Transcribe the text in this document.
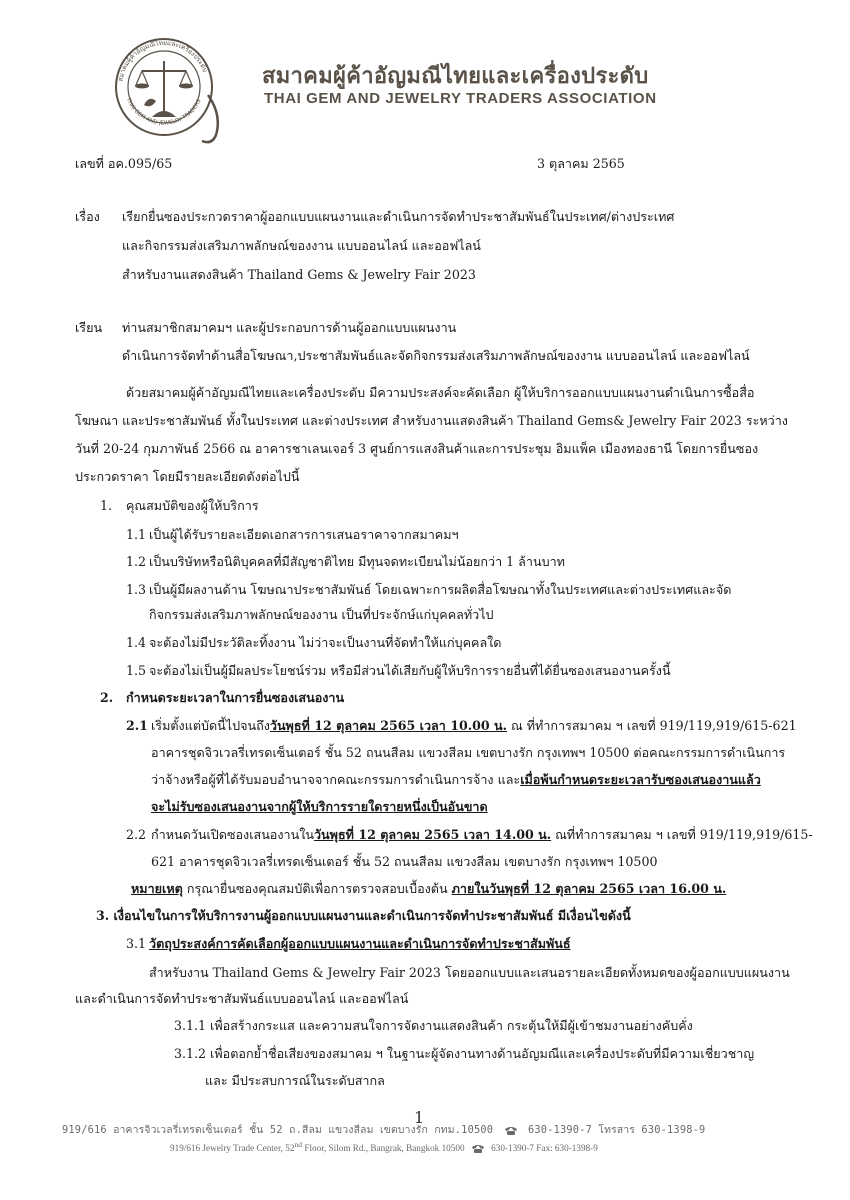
สมาคมผู้ค้าอัญมณีไทยและเครื่องประดับ
THAI GEM AND JEWELRY TRADERS
สมาคมผู้ค้าอัญมณีไทยและเครื่องประดับ
THAI GEM AND JEWELRY TRADERS ASSOCIATION
เลขที่ อค.095/65	3 ตุลาคม 2565
เรื่อง เรียกยื่นซองประกวดราคาผู้ออกแบบแผนงานและดำเนินการจัดทำประชาสัมพันธ์ในประเทศ/ต่างประเทศ
และกิจกรรมส่งเสริมภาพลักษณ์ของงาน แบบออนไลน์ และออฟไลน์
สำหรับงานแสดงสินค้า Thailand Gems & Jewelry Fair 2023
เรียน ท่านสมาชิกสมาคมฯ และผู้ประกอบการด้านผู้ออกแบบแผนงาน
ดำเนินการจัดทำด้านสื่อโฆษณา,ประชาสัมพันธ์และจัดกิจกรรมส่งเสริมภาพลักษณ์ของงาน แบบออนไลน์ และออฟไลน์
ด้วยสมาคมผู้ค้าอัญมณีไทยและเครื่องประดับ มีความประสงค์จะคัดเลือก ผู้ให้บริการออกแบบแผนงานดำเนินการซื้อสื่อ
โฆษณา และประชาสัมพันธ์ ทั้งในประเทศ และต่างประเทศ สำหรับงานแสดงสินค้า Thailand Gems& Jewelry Fair 2023 ระหว่าง
วันที่ 20-24 กุมภาพันธ์ 2566 ณ อาคารชาเลนเจอร์ 3 ศูนย์การแสงสินค้าและการประชุม อิมแพ็ค เมืองทองธานี โดยการยื่นซอง
ประกวดราคา โดยมีรายละเอียดดังต่อไปนี้
1. คุณสมบัติของผู้ให้บริการ
1.1 เป็นผู้ได้รับรายละเอียดเอกสารการเสนอราคาจากสมาคมฯ
1.2 เป็นบริษัทหรือนิติบุคคลที่มีสัญชาติไทย มีทุนจดทะเบียนไม่น้อยกว่า 1 ล้านบาท
1.3 เป็นผู้มีผลงานด้าน โฆษณาประชาสัมพันธ์ โดยเฉพาะการผลิตสื่อโฆษณาทั้งในประเทศและต่างประเทศและจัด
กิจกรรมส่งเสริมภาพลักษณ์ของงาน เป็นที่ประจักษ์แก่บุคคลทั่วไป
1.4 จะต้องไม่มีประวัติละทิ้งงาน ไม่ว่าจะเป็นงานที่จัดทำให้แก่บุคคลใด
1.5 จะต้องไม่เป็นผู้มีผลประโยชน์ร่วม หรือมีส่วนได้เสียกับผู้ให้บริการรายอื่นที่ได้ยื่นซองเสนองานครั้งนี้
2. กำหนดระยะเวลาในการยื่นซองเสนองาน
2.1 เริ่มตั้งแต่บัดนี้ไปจนถึงวันพุธที่ 12 ตุลาคม 2565 เวลา 10.00 น. ณ ที่ทำการสมาคม ฯ เลขที่ 919/119,919/615-621
อาคารชุดจิวเวลรี่เทรดเซ็นเตอร์ ชั้น 52 ถนนสีลม แขวงสีลม เขตบางรัก กรุงเทพฯ 10500 ต่อคณะกรรมการดำเนินการ
ว่าจ้างหรือผู้ที่ได้รับมอบอำนาจจากคณะกรรมการดำเนินการจ้าง และเมื่อพ้นกำหนดระยะเวลารับซองเสนองานแล้ว
จะไม่รับซองเสนองานจากผู้ให้บริการรายใดรายหนึ่งเป็นอันขาด
2.2 กำหนดวันเปิดซองเสนองานในวันพุธที่ 12 ตุลาคม 2565 เวลา 14.00 น. ณที่ทำการสมาคม ฯ เลขที่ 919/119,919/615-
621 อาคารชุดจิวเวลรี่เทรดเซ็นเตอร์ ชั้น 52 ถนนสีลม แขวงสีลม เขตบางรัก กรุงเทพฯ 10500
หมายเหตุ กรุณายื่นซองคุณสมบัติเพื่อการตรวจสอบเบื้องต้น ภายในวันพุธที่ 12 ตุลาคม 2565 เวลา 16.00 น.
3. เงื่อนไขในการให้บริการงานผู้ออกแบบแผนงานและดำเนินการจัดทำประชาสัมพันธ์ มีเงื่อนไขดังนี้
3.1 วัตถุประสงค์การคัดเลือกผู้ออกแบบแผนงานและดำเนินการจัดทำประชาสัมพันธ์
สำหรับงาน Thailand Gems & Jewelry Fair 2023 โดยออกแบบและเสนอรายละเอียดทั้งหมดของผู้ออกแบบแผนงาน
และดำเนินการจัดทำประชาสัมพันธ์แบบออนไลน์ และออฟไลน์
3.1.1 เพื่อสร้างกระแส และความสนใจการจัดงานแสดงสินค้า กระตุ้นให้มีผู้เข้าชมงานอย่างคับคั่ง
3.1.2 เพื่อตอกย้ำชื่อเสียงของสมาคม ฯ ในฐานะผู้จัดงานทางด้านอัญมณีและเครื่องประดับที่มีความเชี่ยวชาญ
และ มีประสบการณ์ในระดับสากล
1
919/616 อาคารจิวเวลรี่เทรดเซ็นเตอร์ ชั้น 52 ถ.สีลม แขวงสีลม เขตบางรัก กทม.10500	630-1390-7 โทรสาร 630-1398-9
919/616 Jewelry Trade Center, 52nd Floor, Silom Rd., Bangrak, Bangkok 10500	630-1390-7 Fax: 630-1398-9
